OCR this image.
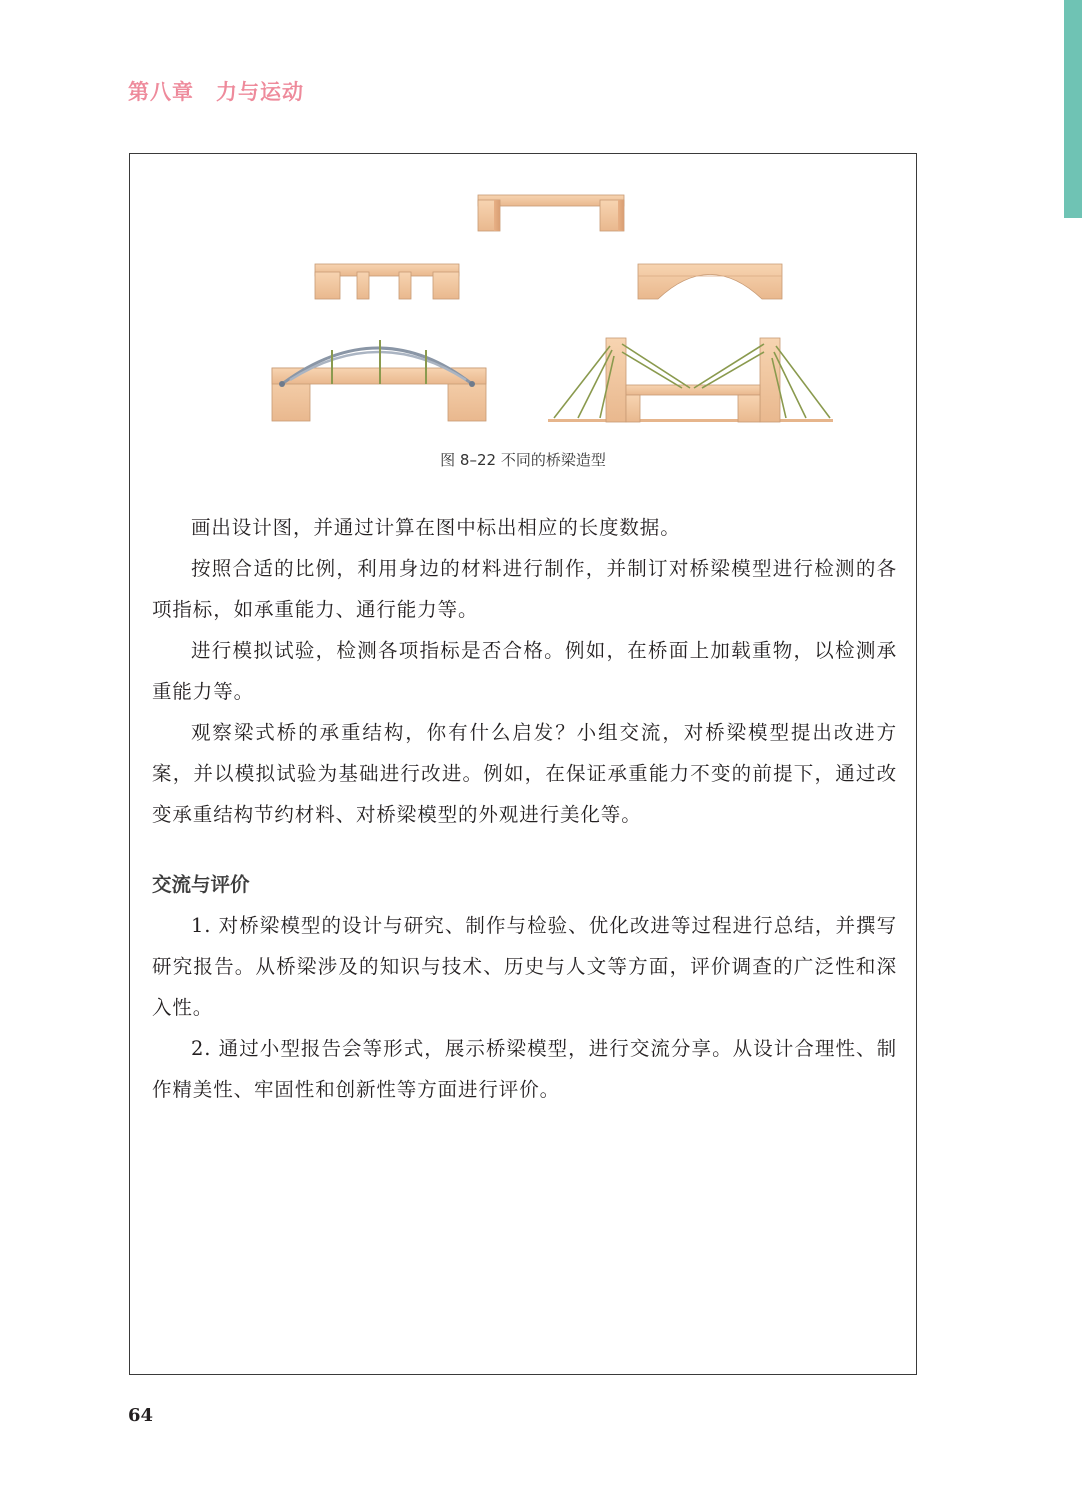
第八章　力与运动
图 8–22 不同的桥梁造型

画出设计图，并通过计算在图中标出相应的长度数据。

按照合适的比例，利用身边的材料进行制作，并制订对桥梁模型进行检测的各项指标，如承重能力、通行能力等。

进行模拟试验，检测各项指标是否合格。例如，在桥面上加载重物，以检测承重能力等。

观察梁式桥的承重结构，你有什么启发？小组交流，对桥梁模型提出改进方案，并以模拟试验为基础进行改进。例如，在保证承重能力不变的前提下，通过改变承重结构节约材料、对桥梁模型的外观进行美化等。

交流与评价

1. 对桥梁模型的设计与研究、制作与检验、优化改进等过程进行总结，并撰写研究报告。从桥梁涉及的知识与技术、历史与人文等方面，评价调查的广泛性和深入性。

2. 通过小型报告会等形式，展示桥梁模型，进行交流分享。从设计合理性、制作精美性、牢固性和创新性等方面进行评价。

64
